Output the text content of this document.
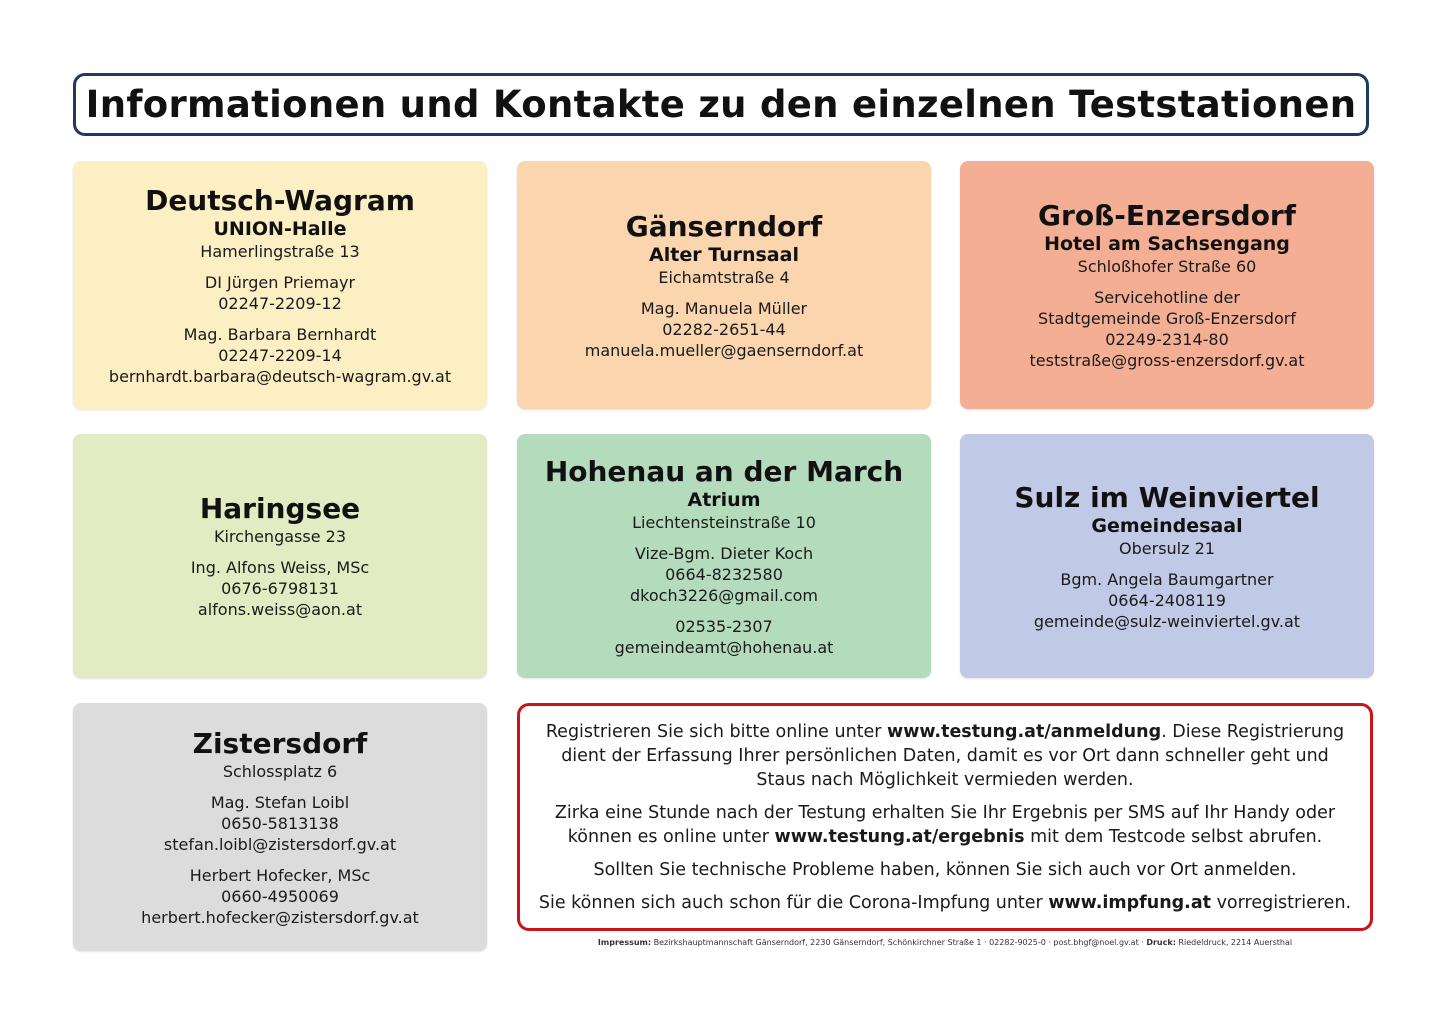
Informationen und Kontakte zu den einzelnen Teststationen
Deutsch-Wagram
UNION-Halle
Hamerlingstraße 13
DI Jürgen Priemayr
02247-2209-12
Mag. Barbara Bernhardt
02247-2209-14
bernhardt.barbara@deutsch-wagram.gv.at
Gänserndorf
Alter Turnsaal
Eichamtstraße 4
Mag. Manuela Müller
02282-2651-44
manuela.mueller@gaenserndorf.at
Groß-Enzersdorf
Hotel am Sachsengang
Schloßhofer Straße 60
Servicehotline der
Stadtgemeinde Groß-Enzersdorf
02249-2314-80
teststraße@gross-enzersdorf.gv.at
Haringsee
Kirchengasse 23
Ing. Alfons Weiss, MSc
0676-6798131
alfons.weiss@aon.at
Hohenau an der March
Atrium
Liechtensteinstraße 10
Vize-Bgm. Dieter Koch
0664-8232580
dkoch3226@gmail.com
02535-2307
gemeindeamt@hohenau.at
Sulz im Weinviertel
Gemeindesaal
Obersulz 21
Bgm. Angela Baumgartner
0664-2408119
gemeinde@sulz-weinviertel.gv.at
Zistersdorf
Schlossplatz 6
Mag. Stefan Loibl
0650-5813138
stefan.loibl@zistersdorf.gv.at
Herbert Hofecker, MSc
0660-4950069
herbert.hofecker@zistersdorf.gv.at

Registrieren Sie sich bitte online unter www.testung.at/anmeldung. Diese Registrierung dient der Erfassung Ihrer persönlichen Daten, damit es vor Ort dann schneller geht und Staus nach Möglichkeit vermieden werden.

Zirka eine Stunde nach der Testung erhalten Sie Ihr Ergebnis per SMS auf Ihr Handy oder können es online unter www.testung.at/ergebnis mit dem Testcode selbst abrufen.

Sollten Sie technische Probleme haben, können Sie sich auch vor Ort anmelden.

Sie können sich auch schon für die Corona-Impfung unter www.impfung.at vorregistrieren.

Impressum: Bezirkshauptmannschaft Gänserndorf, 2230 Gänserndorf, Schönkirchner Straße 1 · 02282-9025-0 · post.bhgf@noel.gv.at · Druck: Riedeldruck, 2214 Auersthal
